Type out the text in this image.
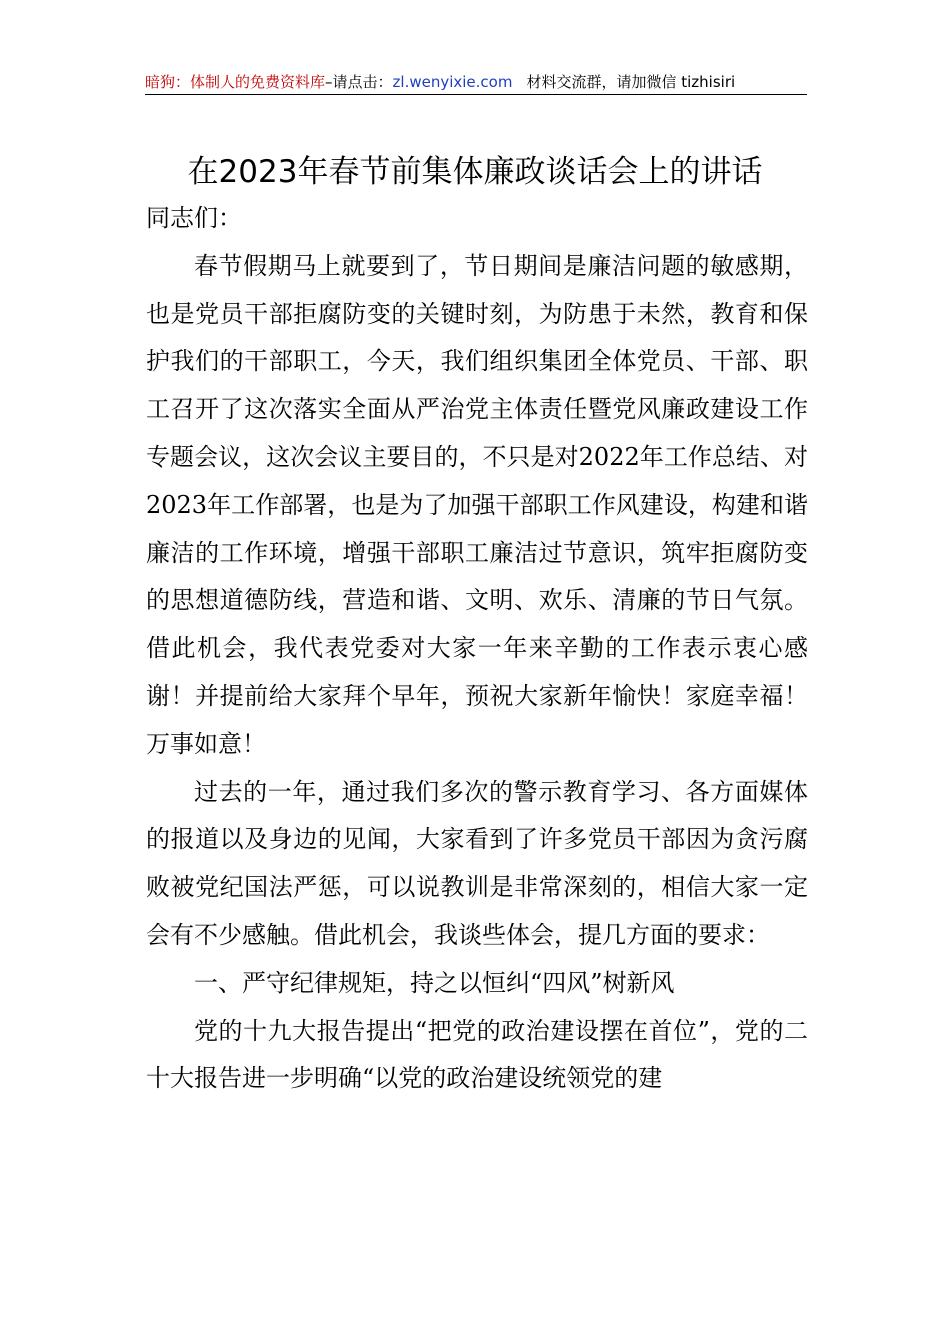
暗狗：体制人的免费资料库–请点击：zl.wenyixie.com 材料交流群，请加微信 tizhisiri
在2023年春节前集体廉政谈话会上的讲话

同志们：

春节假期马上就要到了，节日期间是廉洁问题的敏感期，也是党员干部拒腐防变的关键时刻，为防患于未然，教育和保护我们的干部职工，今天，我们组织集团全体党员、干部、职工召开了这次落实全面从严治党主体责任暨党风廉政建设工作专题会议，这次会议主要目的，不只是对2022年工作总结、对2023年工作部署，也是为了加强干部职工作风建设，构建和谐廉洁的工作环境，增强干部职工廉洁过节意识，筑牢拒腐防变的思想道德防线，营造和谐、文明、欢乐、清廉的节日气氛。借此机会，我代表党委对大家一年来辛勤的工作表示衷心感谢！并提前给大家拜个早年，预祝大家新年愉快！家庭幸福！万事如意！

过去的一年，通过我们多次的警示教育学习、各方面媒体的报道以及身边的见闻，大家看到了许多党员干部因为贪污腐败被党纪国法严惩，可以说教训是非常深刻的，相信大家一定会有不少感触。借此机会，我谈些体会，提几方面的要求：

一、严守纪律规矩，持之以恒纠“四风”树新风

党的十九大报告提出“把党的政治建设摆在首位”，党的二十大报告进一步明确“以党的政治建设统领党的建
